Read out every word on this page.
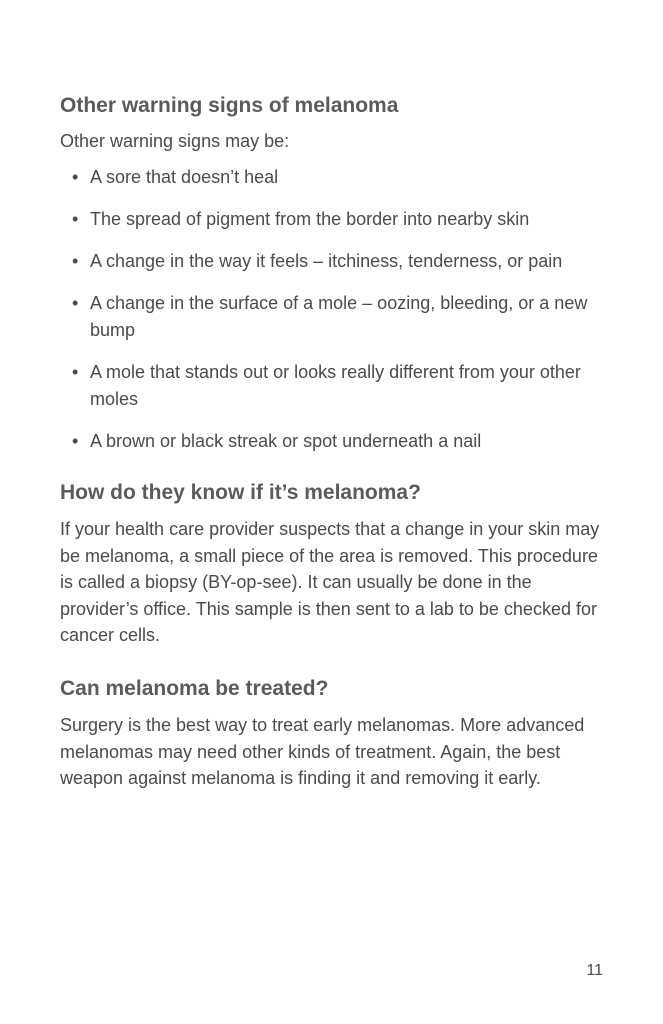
Other warning signs of melanoma

Other warning signs may be:

• A sore that doesn’t heal
• The spread of pigment from the border into nearby skin
• A change in the way it feels – itchiness, tenderness, or pain
• A change in the surface of a mole – oozing, bleeding, or a new bump
• A mole that stands out or looks really different from your other moles
• A brown or black streak or spot underneath a nail
How do they know if it’s melanoma?

If your health care provider suspects that a change in your skin may be melanoma, a small piece of the area is removed. This procedure is called a biopsy (BY-op-see). It can usually be done in the provider’s office. This sample is then sent to a lab to be checked for cancer cells.

Can melanoma be treated?

Surgery is the best way to treat early melanomas. More advanced melanomas may need other kinds of treatment. Again, the best weapon against melanoma is finding it and removing it early.

11
